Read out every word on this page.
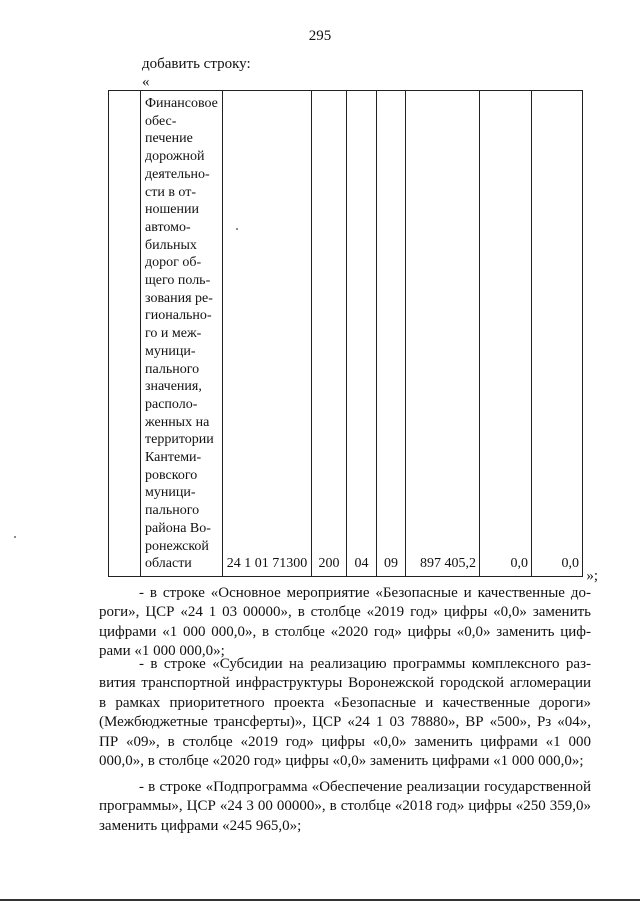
295
добавить строку:
«
	Финансовое обеспечение дорожной деятельности в отношении автомобильных дорог общего пользования регионального и межмуниципального значения, расположенных на территории Кантемировского муниципального района Воронежской области	24 1 01 71300	200	04	09	897 405,2	0,0	0,0
»;

- в строке «Основное мероприятие «Безопасные и качественные дороги», ЦСР «24 1 03 00000», в столбце «2019 год» цифры «0,0» заменить цифрами «1 000 000,0», в столбце «2020 год» цифры «0,0» заменить цифрами «1 000 000,0»;

- в строке «Субсидии на реализацию программы комплексного развития транспортной инфраструктуры Воронежской городской агломерации в рамках приоритетного проекта «Безопасные и качественные дороги» (Межбюджетные трансферты)», ЦСР «24 1 03 78880», ВР «500», Рз «04», ПР «09», в столбце «2019 год» цифры «0,0» заменить цифрами «1 000 000,0», в столбце «2020 год» цифры «0,0» заменить цифрами «1 000 000,0»;

- в строке «Подпрограмма «Обеспечение реализации государственной программы», ЦСР «24 3 00 00000», в столбце «2018 год» цифры «250 359,0» заменить цифрами «245 965,0»;
